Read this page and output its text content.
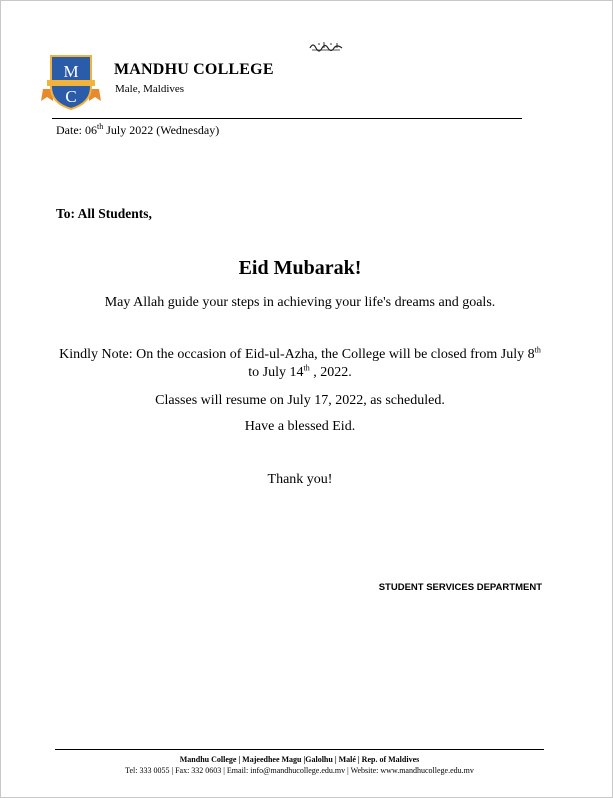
M
C
MANDHU COLLEGE
Male, Maldives
Date: 06th July 2022 (Wednesday)
To: All Students,
Eid Mubarak!
May Allah guide your steps in achieving your life's dreams and goals.
Kindly Note: On the occasion of Eid-ul-Azha, the College will be closed from July 8th
to July 14th , 2022.
Classes will resume on July 17, 2022, as scheduled.
Have a blessed Eid.
Thank you!
STUDENT SERVICES DEPARTMENT
Mandhu College | Majeedhee Magu |Galolhu | Malé | Rep. of Maldives
Tel: 333 0055 | Fax: 332 0603 | Email: info@mandhucollege.edu.mv | Website: www.mandhucollege.edu.mv
